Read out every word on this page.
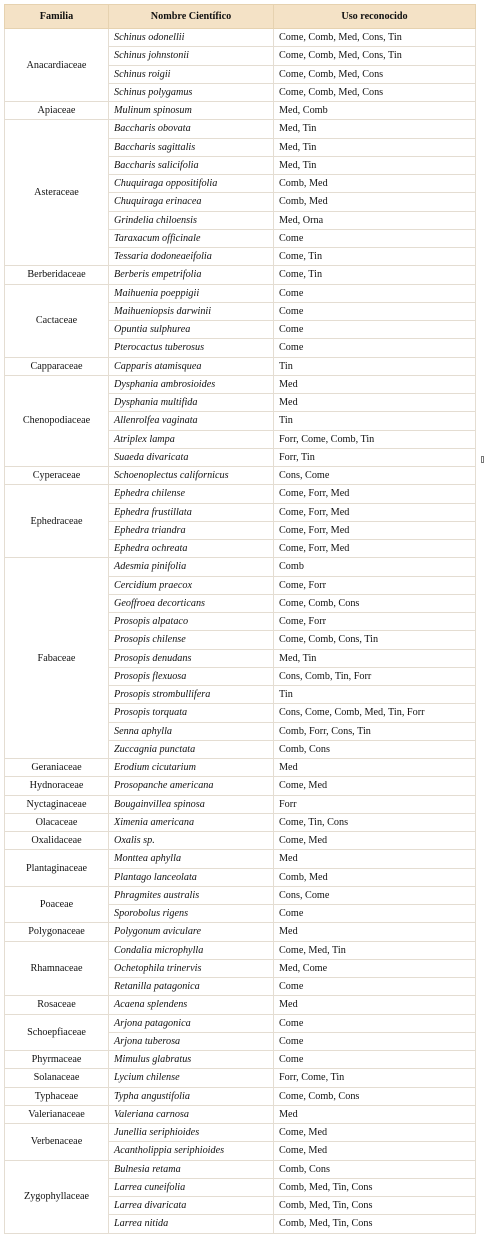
Familia	Nombre Científico	Uso reconocido
Anacardiaceae	Schinus odonellii	Come, Comb, Med, Cons, Tin
	Schinus johnstonii	Come, Comb, Med, Cons, Tin
	Schinus roigii	Come, Comb, Med, Cons
	Schinus polygamus	Come, Comb, Med, Cons
Apiaceae	Mulinum spinosum	Med, Comb
Asteraceae	Baccharis obovata	Med, Tin
	Baccharis sagittalis	Med, Tin
	Baccharis salicifolia	Med, Tin
	Chuquiraga oppositifolia	Comb, Med
	Chuquiraga erinacea	Comb, Med
	Grindelia chiloensis	Med, Orna
	Taraxacum officinale	Come
	Tessaria dodoneaeifolia	Come, Tin
Berberidaceae	Berberis empetrifolia	Come, Tin
Cactaceae	Maihuenia poeppigii	Come
	Maihueniopsis darwinii	Come
	Opuntia sulphurea	Come
	Pterocactus tuberosus	Come
Capparaceae	Capparis atamisquea	Tin
Chenopodiaceae	Dysphania ambrosioides	Med
	Dysphania multifida	Med
	Allenrolfea vaginata	Tin
	Atriplex lampa	Forr, Come, Comb, Tin
	Suaeda divaricata	Forr, Tin
Cyperaceae	Schoenoplectus californicus	Cons, Come
Ephedraceae	Ephedra chilense	Come, Forr, Med
	Ephedra frustillata	Come, Forr, Med
	Ephedra triandra	Come, Forr, Med
	Ephedra ochreata	Come, Forr, Med
Fabaceae	Adesmia pinifolia	Comb
	Cercidium praecox	Come, Forr
	Geoffroea decorticans	Come, Comb, Cons
	Prosopis alpataco	Come, Forr
	Prosopis chilense	Come, Comb, Cons, Tin
	Prosopis denudans	Med, Tin
	Prosopis flexuosa	Cons, Comb, Tin, Forr
	Prosopis strombullifera	Tin
	Prosopis torquata	Cons, Come, Comb, Med, Tin, Forr
	Senna aphylla	Comb, Forr, Cons, Tin
	Zuccagnia punctata	Comb, Cons
Geraniaceae	Erodium cicutarium	Med
Hydnoraceae	Prosopanche americana	Come, Med
Nyctaginaceae	Bougainvillea spinosa	Forr
Olacaceae	Ximenia americana	Come, Tin, Cons
Oxalidaceae	Oxalis sp.	Come, Med
Plantaginaceae	Monttea aphylla	Med
	Plantago lanceolata	Comb, Med
Poaceae	Phragmites australis	Cons, Come
	Sporobolus rigens	Come
Polygonaceae	Polygonum aviculare	Med
Rhamnaceae	Condalia microphylla	Come, Med, Tin
	Ochetophila trinervis	Med, Come
	Retanilla patagonica	Come
Rosaceae	Acaena splendens	Med
Schoepfiaceae	Arjona patagonica	Come
	Arjona tuberosa	Come
Phyrmaceae	Mimulus glabratus	Come
Solanaceae	Lycium chilense	Forr, Come, Tin
Typhaceae	Typha angustifolia	Come, Comb, Cons
Valerianaceae	Valeriana carnosa	Med
Verbenaceae	Junellia seriphioides	Come, Med
	Acantholippia seriphioides	Come, Med
Zygophyllaceae	Bulnesia retama	Comb, Cons
	Larrea cuneifolia	Comb, Med, Tin, Cons
	Larrea divaricata	Comb, Med, Tin, Cons
	Larrea nitida	Comb, Med, Tin, Cons
